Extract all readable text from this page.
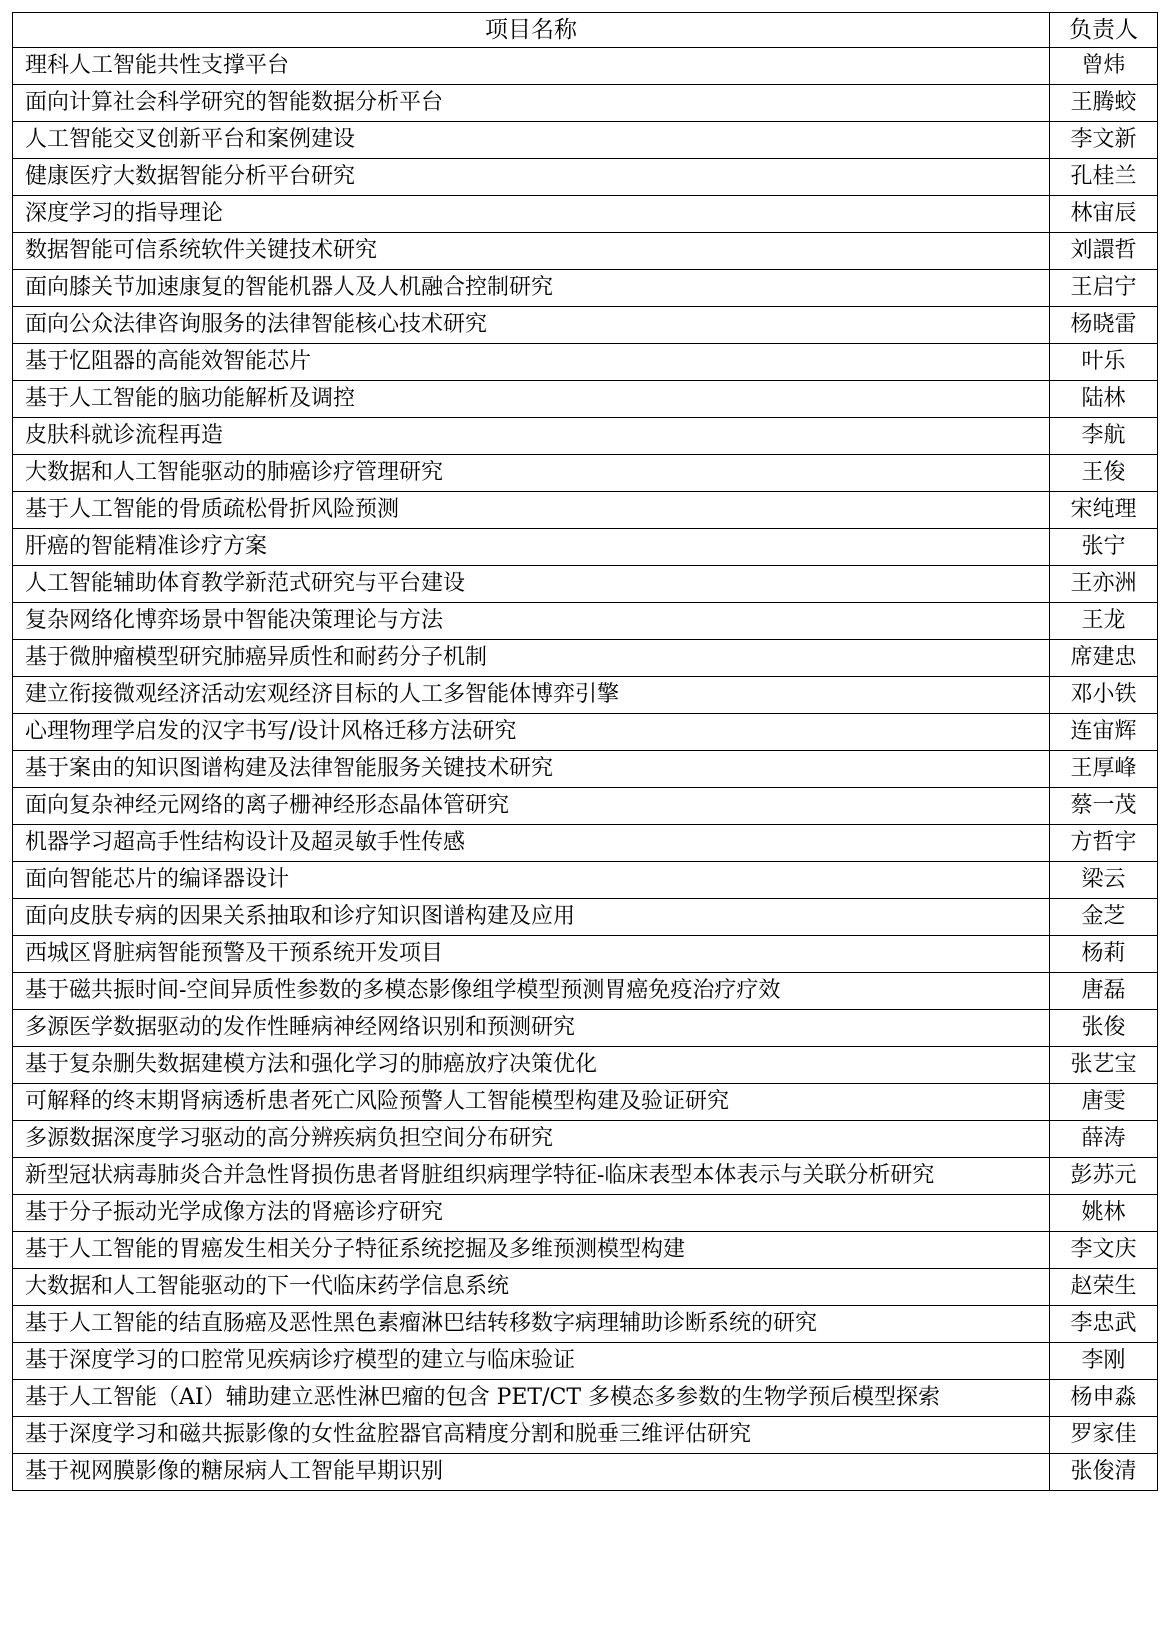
项目名称	负责人
理科人工智能共性支撑平台	曾炜
面向计算社会科学研究的智能数据分析平台	王腾蛟
人工智能交叉创新平台和案例建设	李文新
健康医疗大数据智能分析平台研究	孔桂兰
深度学习的指导理论	林宙辰
数据智能可信系统软件关键技术研究	刘譞哲
面向膝关节加速康复的智能机器人及人机融合控制研究	王启宁
面向公众法律咨询服务的法律智能核心技术研究	杨晓雷
基于忆阻器的高能效智能芯片	叶乐
基于人工智能的脑功能解析及调控	陆林
皮肤科就诊流程再造	李航
大数据和人工智能驱动的肺癌诊疗管理研究	王俊
基于人工智能的骨质疏松骨折风险预测	宋纯理
肝癌的智能精准诊疗方案	张宁
人工智能辅助体育教学新范式研究与平台建设	王亦洲
复杂网络化博弈场景中智能决策理论与方法	王龙
基于微肿瘤模型研究肺癌异质性和耐药分子机制	席建忠
建立衔接微观经济活动宏观经济目标的人工多智能体博弈引擎	邓小铁
心理物理学启发的汉字书写/设计风格迁移方法研究	连宙辉
基于案由的知识图谱构建及法律智能服务关键技术研究	王厚峰
面向复杂神经元网络的离子栅神经形态晶体管研究	蔡一茂
机器学习超高手性结构设计及超灵敏手性传感	方哲宇
面向智能芯片的编译器设计	梁云
面向皮肤专病的因果关系抽取和诊疗知识图谱构建及应用	金芝
西城区肾脏病智能预警及干预系统开发项目	杨莉
基于磁共振时间-空间异质性参数的多模态影像组学模型预测胃癌免疫治疗疗效	唐磊
多源医学数据驱动的发作性睡病神经网络识别和预测研究	张俊
基于复杂删失数据建模方法和强化学习的肺癌放疗决策优化	张艺宝
可解释的终末期肾病透析患者死亡风险预警人工智能模型构建及验证研究	唐雯
多源数据深度学习驱动的高分辨疾病负担空间分布研究	薛涛
新型冠状病毒肺炎合并急性肾损伤患者肾脏组织病理学特征-临床表型本体表示与关联分析研究	彭苏元
基于分子振动光学成像方法的肾癌诊疗研究	姚林
基于人工智能的胃癌发生相关分子特征系统挖掘及多维预测模型构建	李文庆
大数据和人工智能驱动的下一代临床药学信息系统	赵荣生
基于人工智能的结直肠癌及恶性黑色素瘤淋巴结转移数字病理辅助诊断系统的研究	李忠武
基于深度学习的口腔常见疾病诊疗模型的建立与临床验证	李刚
基于人工智能（AI）辅助建立恶性淋巴瘤的包含 PET/CT 多模态多参数的生物学预后模型探索	杨申淼
基于深度学习和磁共振影像的女性盆腔器官高精度分割和脱垂三维评估研究	罗家佳
基于视网膜影像的糖尿病人工智能早期识别	张俊清
